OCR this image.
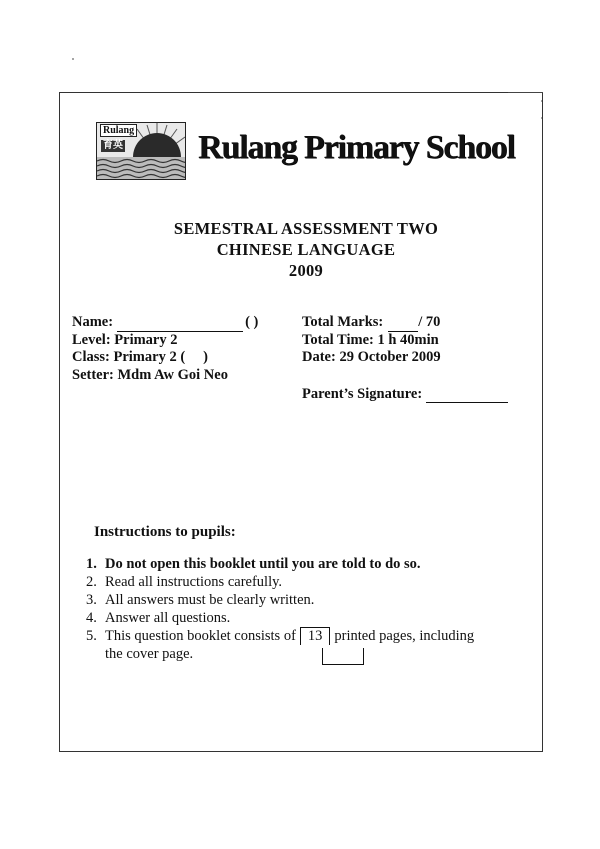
Rulang
育英 Rulang Primary School
SEMESTRAL ASSESSMENT TWO
CHINESE LANGUAGE
2009
Name:	( )
Level: Primary 2
Class: Primary 2 ( )
Setter: Mdm Aw Goi Neo
Total Marks: / 70
Total Time: 1 h 40min
Date: 29 October 2009
Parent’s Signature:
Instructions to pupils:
1. Do not open this booklet until you are told to do so.
2. Read all instructions carefully.
3. All answers must be clearly written.
4. Answer all questions.
5. This question booklet consists of 13 printed pages, including
the cover page.
